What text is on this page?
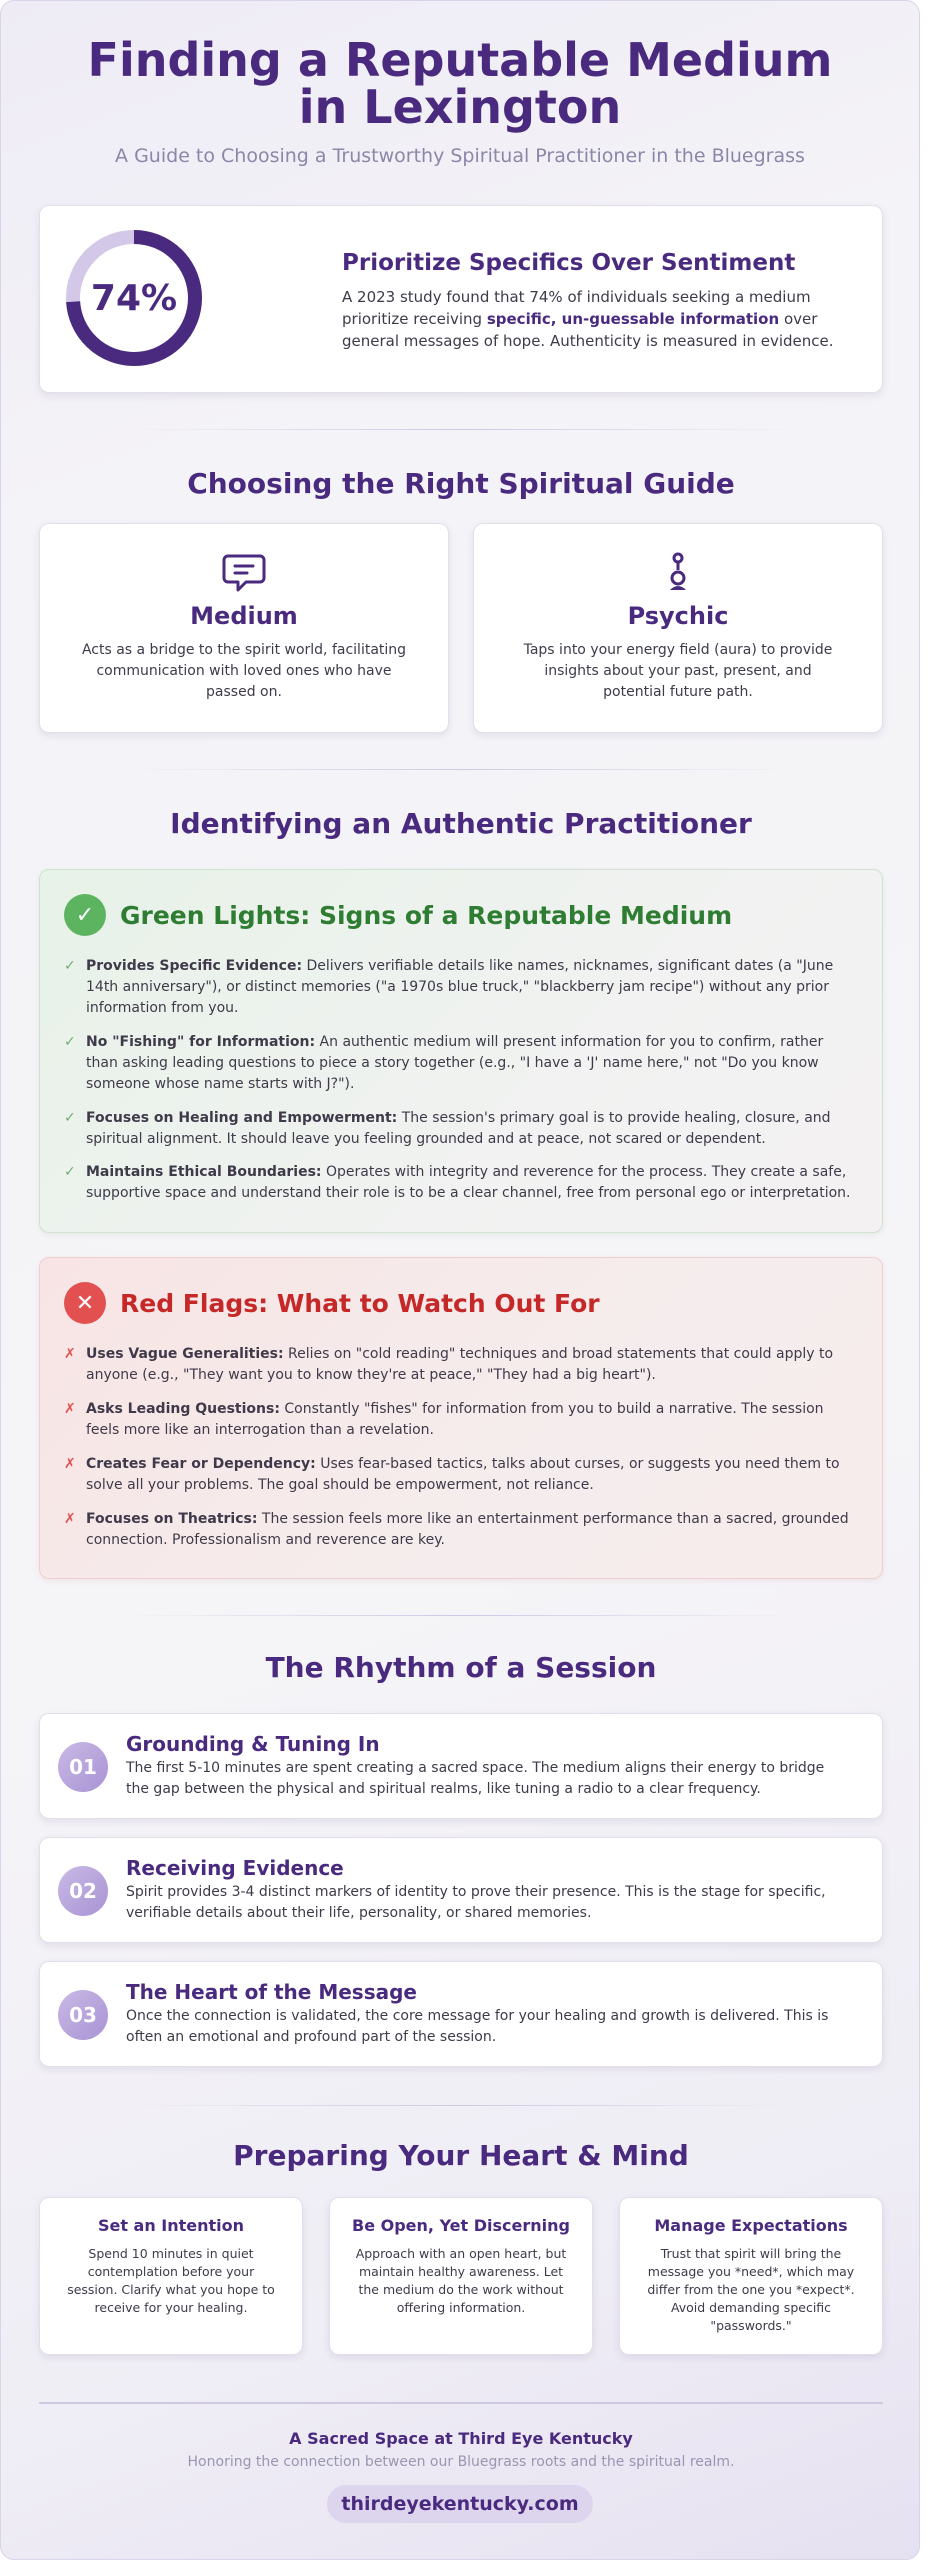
Finding a Reputable Medium in Lexington
A Guide to Choosing a Trustworthy Spiritual Practitioner in the Bluegrass
74%
Prioritize Specifics Over Sentiment

A 2023 study found that 74% of individuals seeking a medium prioritize receiving specific, un-guessable information over general messages of hope. Authenticity is measured in evidence.

Choosing the Right Spiritual Guide
Medium

Acts as a bridge to the spirit world, facilitating communication with loved ones who have passed on.

Psychic

Taps into your energy field (aura) to provide insights about your past, present, and potential future path.

Identifying an Authentic Practitioner
✓	Green Lights: Signs of a Reputable Medium
✓ Provides Specific Evidence: Delivers verifiable details like names, nicknames, significant dates (a "June 14th anniversary"), or distinct memories ("a 1970s blue truck," "blackberry jam recipe") without any prior information from you.
✓ No "Fishing" for Information: An authentic medium will present information for you to confirm, rather than asking leading questions to piece a story together (e.g., "I have a 'J' name here," not "Do you know someone whose name starts with J?").
✓ Focuses on Healing and Empowerment: The session's primary goal is to provide healing, closure, and spiritual alignment. It should leave you feeling grounded and at peace, not scared or dependent.
✓ Maintains Ethical Boundaries: Operates with integrity and reverence for the process. They create a safe, supportive space and understand their role is to be a clear channel, free from personal ego or interpretation.
✕	Red Flags: What to Watch Out For
✗ Uses Vague Generalities: Relies on "cold reading" techniques and broad statements that could apply to anyone (e.g., "They want you to know they're at peace," "They had a big heart").
✗ Asks Leading Questions: Constantly "fishes" for information from you to build a narrative. The session feels more like an interrogation than a revelation.
✗ Creates Fear or Dependency: Uses fear-based tactics, talks about curses, or suggests you need them to solve all your problems. The goal should be empowerment, not reliance.
✗ Focuses on Theatrics: The session feels more like an entertainment performance than a sacred, grounded connection. Professionalism and reverence are key.
The Rhythm of a Session
01
Grounding & Tuning In

The first 5-10 minutes are spent creating a sacred space. The medium aligns their energy to bridge the gap between the physical and spiritual realms, like tuning a radio to a clear frequency.

02
Receiving Evidence

Spirit provides 3-4 distinct markers of identity to prove their presence. This is the stage for specific, verifiable details about their life, personality, or shared memories.

03
The Heart of the Message

Once the connection is validated, the core message for your healing and growth is delivered. This is often an emotional and profound part of the session.

Preparing Your Heart & Mind
Set an Intention

Spend 10 minutes in quiet contemplation before your session. Clarify what you hope to receive for your healing.

Be Open, Yet Discerning

Approach with an open heart, but maintain healthy awareness. Let the medium do the work without offering information.

Manage Expectations

Trust that spirit will bring the message you *need*, which may differ from the one you *expect*. Avoid demanding specific "passwords."

A Sacred Space at Third Eye Kentucky
Honoring the connection between our Bluegrass roots and the spiritual realm.
thirdeyekentucky.com
